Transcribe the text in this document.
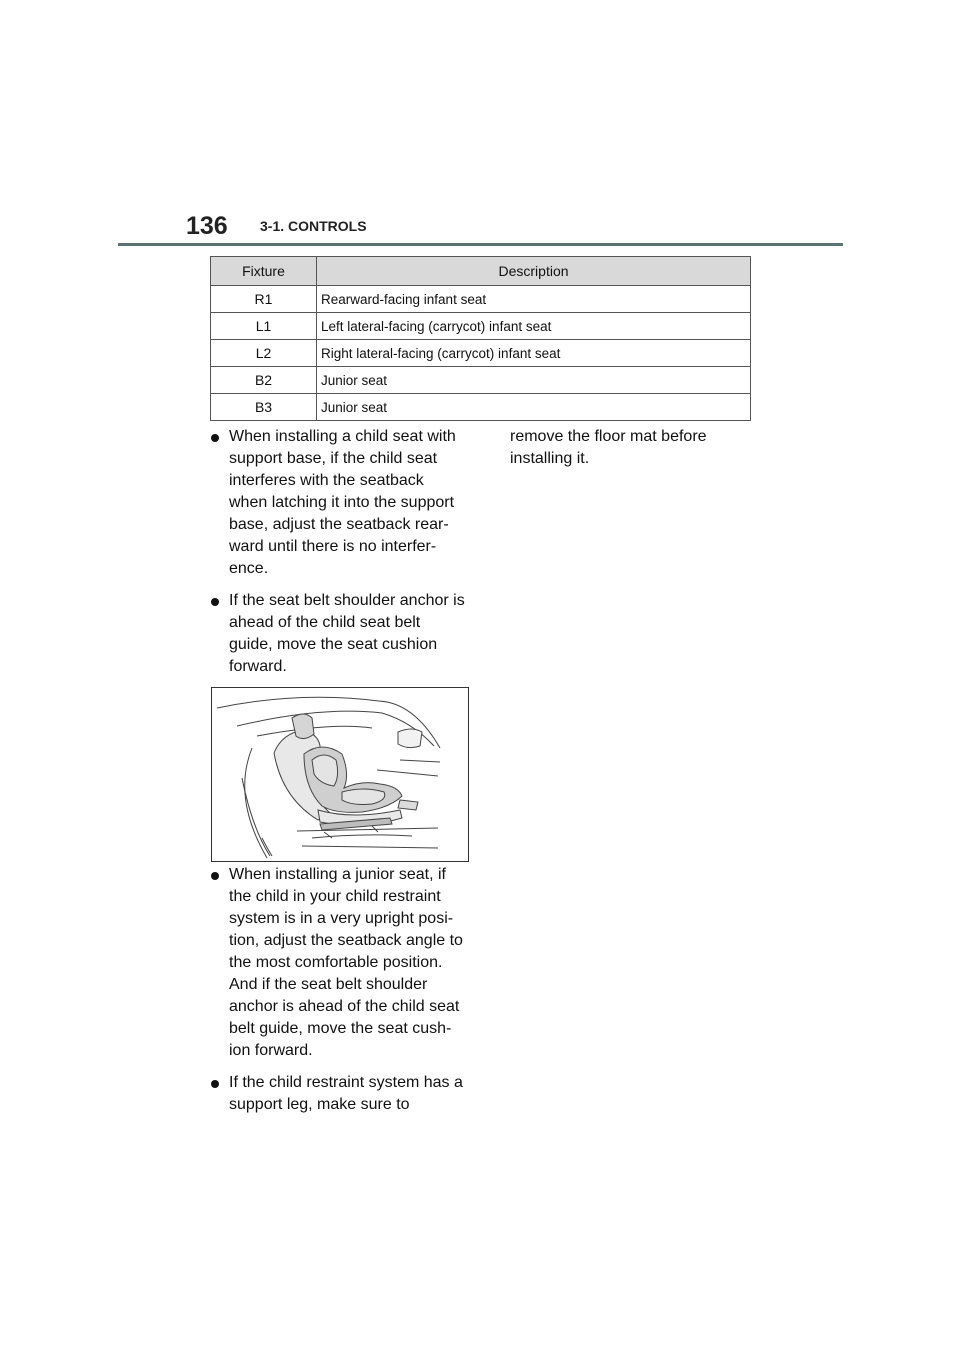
136 3-1. CONTROLS
Fixture	Description
R1	Rearward-facing infant seat
L1	Left lateral-facing (carrycot) infant seat
L2	Right lateral-facing (carrycot) infant seat
B2	Junior seat
B3	Junior seat
When installing a child seat with
support base, if the child seat
interferes with the seatback
when latching it into the support
base, adjust the seatback rear-
ward until there is no interfer-
ence.
If the seat belt shoulder anchor is
ahead of the child seat belt
guide, move the seat cushion
forward.
remove the floor mat before
installing it.
When installing a junior seat, if
the child in your child restraint
system is in a very upright posi-
tion, adjust the seatback angle to
the most comfortable position.
And if the seat belt shoulder
anchor is ahead of the child seat
belt guide, move the seat cush-
ion forward.
If the child restraint system has a
support leg, make sure to
